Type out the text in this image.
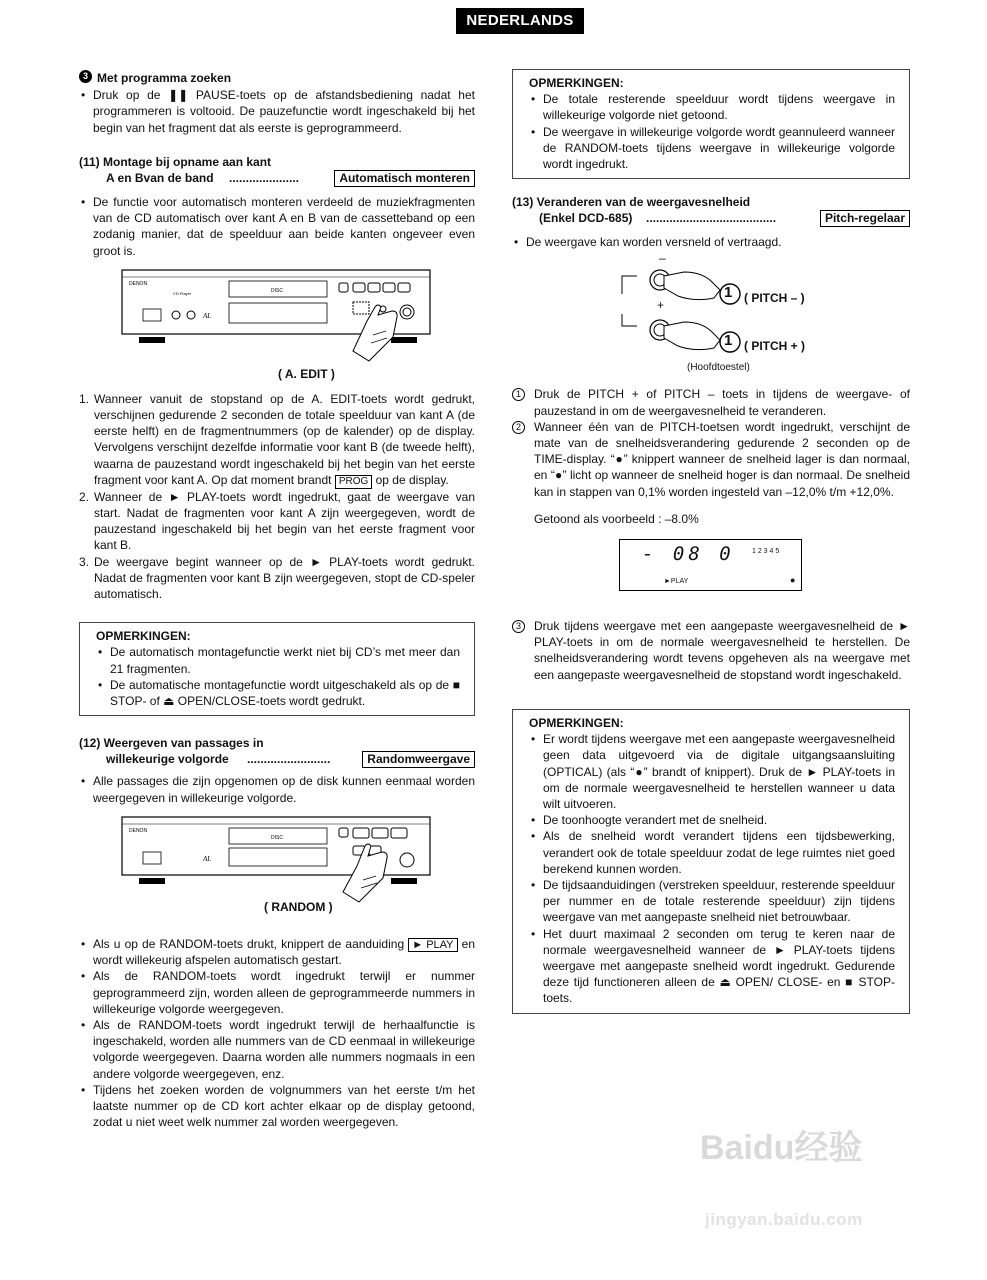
NEDERLANDS
3 Met programma zoeken
• Druk op de ❚❚ PAUSE-toets op de afstandsbediening nadat het programmeren is voltooid. De pauzefunctie wordt ingeschakeld bij het begin van het fragment dat als eerste is geprogrammeerd.
(11) Montage bij opname aan kant
A en Bvan de band .....................	Automatisch monteren
• De functie voor automatisch monteren verdeeld de muziekfragmenten van de CD automatisch over kant A en B van de cassetteband op een zodanig manier, dat de speelduur aan beide kanten ongeveer even groot is.
DENON
CD Player	DISC
AL
( A. EDIT )
1. Wanneer vanuit de stopstand op de A. EDIT-toets wordt gedrukt, verschijnen gedurende 2 seconden de totale speelduur van kant A (de eerste helft) en de fragmentnummers (op de kalender) op de display. Vervolgens verschijnt dezelfde informatie voor kant B (de tweede helft), waarna de pauzestand wordt ingeschakeld bij het begin van het eerste fragment voor kant A. Op dat moment brandt PROG op de display.
2. Wanneer de ► PLAY-toets wordt ingedrukt, gaat de weergave van start. Nadat de fragmenten voor kant A zijn weergegeven, wordt de pauzestand ingeschakeld bij het begin van het eerste fragment voor kant B.
3. De weergave begint wanneer op de ► PLAY-toets wordt gedrukt. Nadat de fragmenten voor kant B zijn weergegeven, stopt de CD-speler automatisch.
OPMERKINGEN:
• De automatisch montagefunctie werkt niet bij CD’s met meer dan 21 fragmenten.
• De automatische montagefunctie wordt uitgeschakeld als op de ■ STOP- of ⏏ OPEN/CLOSE-toets wordt gedrukt.
(12) Weergeven van passages in
willekeurige volgorde .........................	Randomweergave
• Alle passages die zijn opgenomen op de disk kunnen eenmaal worden weergegeven in willekeurige volgorde.
DENON
DISC
AL
( RANDOM )
• Als u op de RANDOM-toets drukt, knippert de aanduiding ► PLAY en wordt willekeurig afspelen automatisch gestart.
• Als de RANDOM-toets wordt ingedrukt terwijl er nummer geprogrammeerd zijn, worden alleen de geprogrammeerde nummers in willekeurige volgorde weergegeven.
• Als de RANDOM-toets wordt ingedrukt terwijl de herhaalfunctie is ingeschakeld, worden alle nummers van de CD eenmaal in willekeurige volgorde weergegeven. Daarna worden alle nummers nogmaals in een andere volgorde weergegeven, enz.
• Tijdens het zoeken worden de volgnummers van het eerste t/m het laatste nummer op de CD kort achter elkaar op de display getoond, zodat u niet weet welk nummer zal worden weergegeven.
OPMERKINGEN:
• De totale resterende speelduur wordt tijdens weergave in willekeurige volgorde niet getoond.
• De weergave in willekeurige volgorde wordt geannuleerd wanneer de RANDOM-toets tijdens weergave in willekeurige volgorde wordt ingedrukt.
(13) Veranderen van de weergavesnelheid
(Enkel DCD-685) .......................................	Pitch-regelaar
• De weergave kan worden versneld of vertraagd.
–
+
1
1
( PITCH – )
( PITCH + )
(Hoofdtoestel)
1	Druk de PITCH + of PITCH – toets in tijdens de weergave- of pauzestand in om de weergavesnelheid te veranderen.
2	Wanneer één van de PITCH-toetsen wordt ingedrukt, verschijnt de mate van de snelheidsverandering gedurende 2 seconden op de TIME-display. “●” knippert wanneer de snelheid lager is dan normaal, en “●” licht op wanneer de snelheid hoger is dan normaal. De snelheid kan in stappen van 0,1% worden ingesteld van –12,0% t/m +12,0%.
Getoond als voorbeeld : –8.0%
- 08 0 1 2 3 4 5
►PLAY	●
3	Druk tijdens weergave met een aangepaste weergavesnelheid de ► PLAY-toets in om de normale weergavesnelheid te herstellen. De snelheidsverandering wordt tevens opgeheven als na weergave met een aangepaste weergavesnelheid de stopstand wordt ingeschakeld.
OPMERKINGEN:
• Er wordt tijdens weergave met een aangepaste weergavesnelheid geen data uitgevoerd via de digitale uitgangsaansluiting (OPTICAL) (als “●” brandt of knippert). Druk de ► PLAY-toets in om de normale weergavesnelheid te herstellen wanneer u data wilt uitvoeren.
• De toonhoogte verandert met de snelheid.
• Als de snelheid wordt verandert tijdens een tijdsbewerking, verandert ook de totale speelduur zodat de lege ruimtes niet goed berekend kunnen worden.
• De tijdsaanduidingen (verstreken speelduur, resterende speelduur per nummer en de totale resterende speelduur) zijn tijdens weergave van met aangepaste snelheid niet betrouwbaar.
• Het duurt maximaal 2 seconden om terug te keren naar de normale weergavesnelheid wanneer de ► PLAY-toets tijdens weergave met aangepaste snelheid wordt ingedrukt. Gedurende deze tijd functioneren alleen de ⏏ OPEN/ CLOSE- en ■ STOP-toets.
Baidu经验
jingyan.baidu.com
